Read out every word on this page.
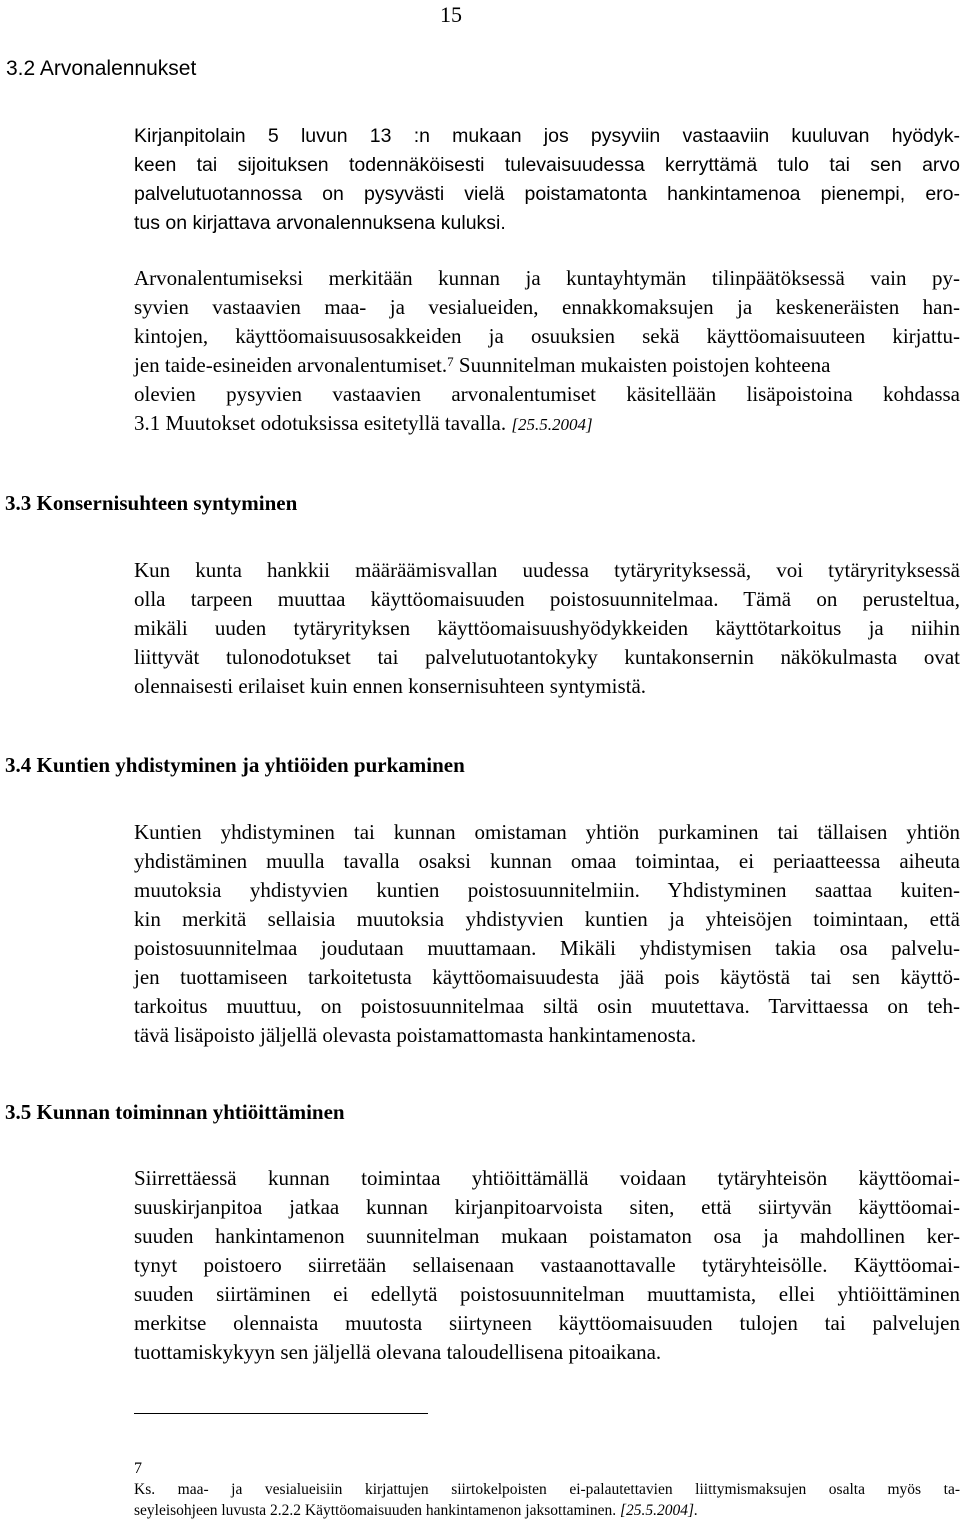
15
3.2 Arvonalennukset
Kirjanpitolain 5 luvun 13 :n mukaan jos pysyviin vastaaviin kuuluvan hyödyk-
keen tai sijoituksen todennäköisesti tulevaisuudessa kerryttämä tulo tai sen arvo
palvelutuotannossa on pysyvästi vielä poistamatonta hankintamenoa pienempi, ero-
tus on kirjattava arvonalennuksena kuluksi.
Arvonalentumiseksi merkitään kunnan ja kuntayhtymän tilinpäätöksessä vain py-
syvien vastaavien maa- ja vesialueiden, ennakkomaksujen ja keskeneräisten han-
kintojen, käyttöomaisuusosakkeiden ja osuuksien sekä käyttöomaisuuteen kirjattu-
jen taide-esineiden arvonalentumiset.$^7$ Suunnitelman mukaisten poistojen kohteena
olevien pysyvien vastaavien arvonalentumiset käsitellään lisäpoistoina kohdassa
3.1 Muutokset odotuksissa esitetyllä tavalla. [25.5.2004]
3.3 Konsernisuhteen syntyminen
Kun kunta hankkii määräämisvallan uudessa tytäryrityksessä, voi tytäryrityksessä
olla tarpeen muuttaa käyttöomaisuuden poistosuunnitelmaa. Tämä on perusteltua,
mikäli uuden tytäryrityksen käyttöomaisuushyödykkeiden käyttötarkoitus ja niihin
liittyvät tulonodotukset tai palvelutuotantokyky kuntakonsernin näkökulmasta ovat
olennaisesti erilaiset kuin ennen konsernisuhteen syntymistä.
3.4 Kuntien yhdistyminen ja yhtiöiden purkaminen
Kuntien yhdistyminen tai kunnan omistaman yhtiön purkaminen tai tällaisen yhtiön
yhdistäminen muulla tavalla osaksi kunnan omaa toimintaa, ei periaatteessa aiheuta
muutoksia yhdistyvien kuntien poistosuunnitelmiin. Yhdistyminen saattaa kuiten-
kin merkitä sellaisia muutoksia yhdistyvien kuntien ja yhteisöjen toimintaan, että
poistosuunnitelmaa joudutaan muuttamaan. Mikäli yhdistymisen takia osa palvelu-
jen tuottamiseen tarkoitetusta käyttöomaisuudesta jää pois käytöstä tai sen käyttö-
tarkoitus muuttuu, on poistosuunnitelmaa siltä osin muutettava. Tarvittaessa on teh-
tävä lisäpoisto jäljellä olevasta poistamattomasta hankintamenosta.
3.5 Kunnan toiminnan yhtiöittäminen
Siirrettäessä kunnan toimintaa yhtiöittämällä voidaan tytäryhteisön käyttöomai-
suuskirjanpitoa jatkaa kunnan kirjanpitoarvoista siten, että siirtyvän käyttöomai-
suuden hankintamenon suunnitelman mukaan poistamaton osa ja mahdollinen ker-
tynyt poistoero siirretään sellaisenaan vastaanottavalle tytäryhteisölle. Käyttöomai-
suuden siirtäminen ei edellytä poistosuunnitelman muuttamista, ellei yhtiöittäminen
merkitse olennaista muutosta siirtyneen käyttöomaisuuden tulojen tai palvelujen
tuottamiskykyyn sen jäljellä olevana taloudellisena pitoaikana.
7
Ks. maa- ja vesialueisiin kirjattujen siirtokelpoisten ei-palautettavien liittymismaksujen osalta myös ta-
seyleisohjeen luvusta 2.2.2 Käyttöomaisuuden hankintamenon jaksottaminen. [25.5.2004].
